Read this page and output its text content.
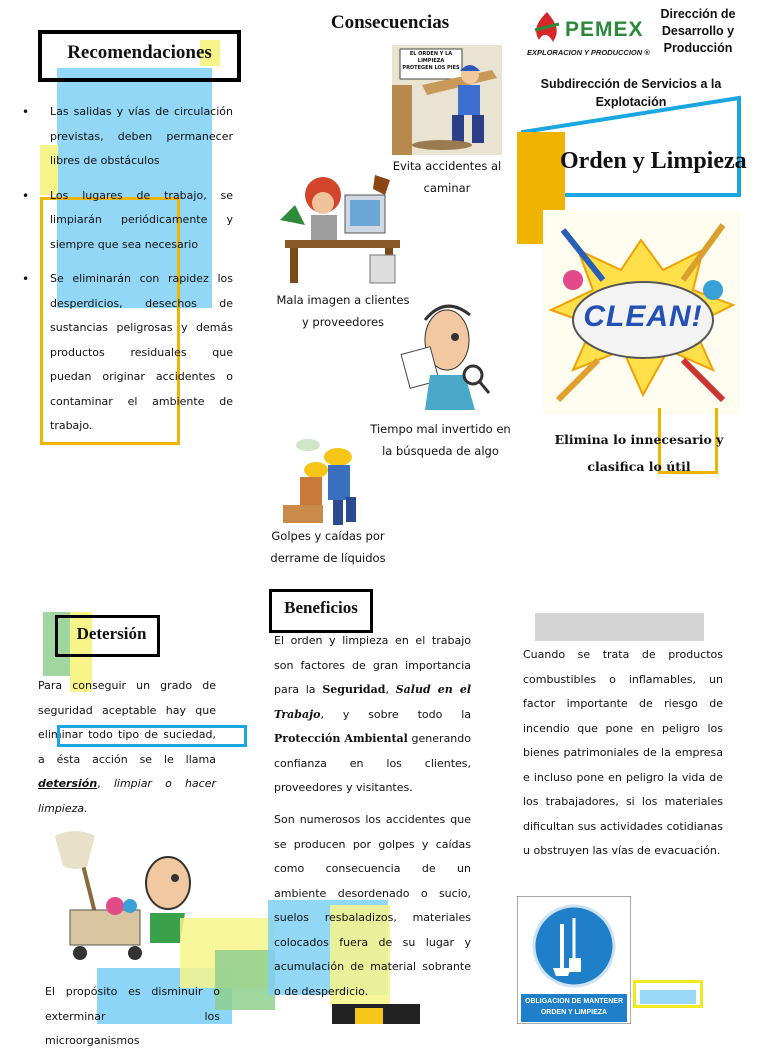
Recomendaciones
• Las salidas y vías de circulación previstas, deben permanecer libres de obstáculos
• Los lugares de trabajo, se limpiarán periódicamente y siempre que sea necesario
• Se eliminarán con rapidez los desperdicios, desechos de sustancias peligrosas y demás productos residuales que puedan originar accidentes o contaminar el ambiente de trabajo.
Consecuencias
EL ORDEN Y LA LIMPIEZA PROTEGEN LOS PIES
Evita accidentes al caminar
Mala imagen a clientes y proveedores
Tiempo mal invertido en la búsqueda de algo
Golpes y caídas por derrame de líquidos
PEMEX
EXPLORACION Y PRODUCCION ®
Dirección de Desarrollo y Producción
Subdirección de Servicios a la Explotación
Orden y Limpieza
CLEAN!
Elimina lo innecesario y clasifica lo útil
Detersión
Para conseguir un grado de seguridad aceptable hay que eliminar todo tipo de suciedad, a ésta acción se le llama detersión, limpiar o hacer limpieza.
El propósito es disminuir o exterminar los microorganismos
Beneficios
El orden y limpieza en el trabajo son factores de gran importancia para la Seguridad, Salud en el Trabajo, y sobre todo la Protección Ambiental generando confianza en los clientes, proveedores y visitantes.
Son numerosos los accidentes que se producen por golpes y caídas como consecuencia de un ambiente desordenado o sucio, suelos resbaladizos, materiales colocados fuera de su lugar y acumulación de material sobrante o de desperdicio.
Cuando se trata de productos combustibles o inflamables, un factor importante de riesgo de incendio que pone en peligro los bienes patrimoniales de la empresa e incluso pone en peligro la vida de los trabajadores, si los materiales dificultan sus actividades cotidianas u obstruyen las vías de evacuación.
OBLIGACION DE MANTENER ORDEN Y LIMPIEZA
